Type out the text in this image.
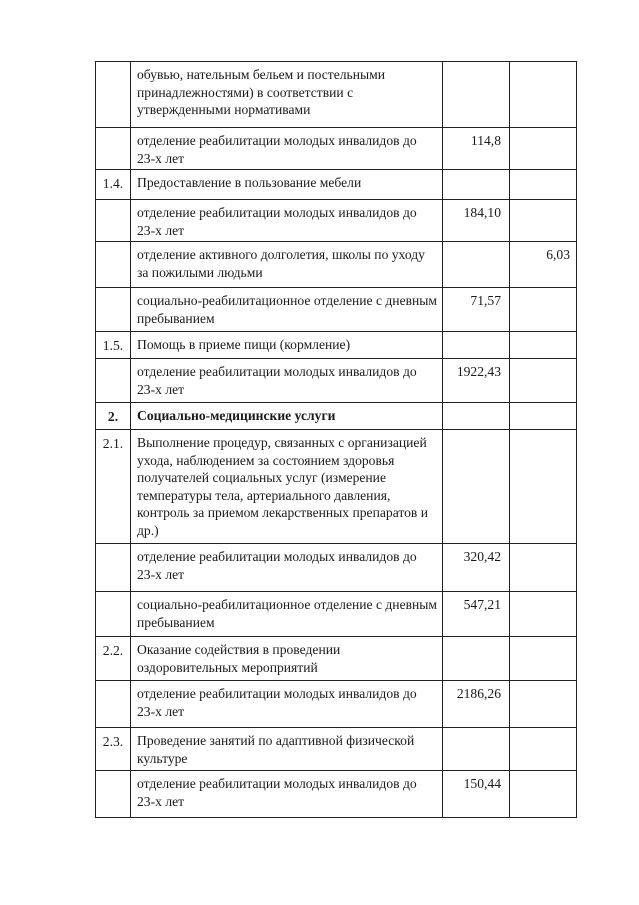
	обувью, нательным бельем и постельными принадлежностями) в соответствии с утвержденными нормативами		
	отделение реабилитации молодых инвалидов до 23-х лет	114,8	
1.4.	Предоставление в пользование мебели		
	отделение реабилитации молодых инвалидов до 23-х лет	184,10	
	отделение активного долголетия, школы по уходу за пожилыми людьми		6,03
	социально-реабилитационное отделение с дневным пребыванием	71,57	
1.5.	Помощь в приеме пищи (кормление)		
	отделение реабилитации молодых инвалидов до 23-х лет	1922,43	
2.	Социально-медицинские услуги		
2.1.	Выполнение процедур, связанных с организацией ухода, наблюдением за состоянием здоровья получателей социальных услуг (измерение температуры тела, артериального давления, контроль за приемом лекарственных препаратов и др.)		
	отделение реабилитации молодых инвалидов до 23-х лет	320,42	
	социально-реабилитационное отделение с дневным пребыванием	547,21	
2.2.	Оказание содействия в проведении оздоровительных мероприятий		
	отделение реабилитации молодых инвалидов до 23-х лет	2186,26	
2.3.	Проведение занятий по адаптивной физической культуре		
	отделение реабилитации молодых инвалидов до 23-х лет	150,44	
